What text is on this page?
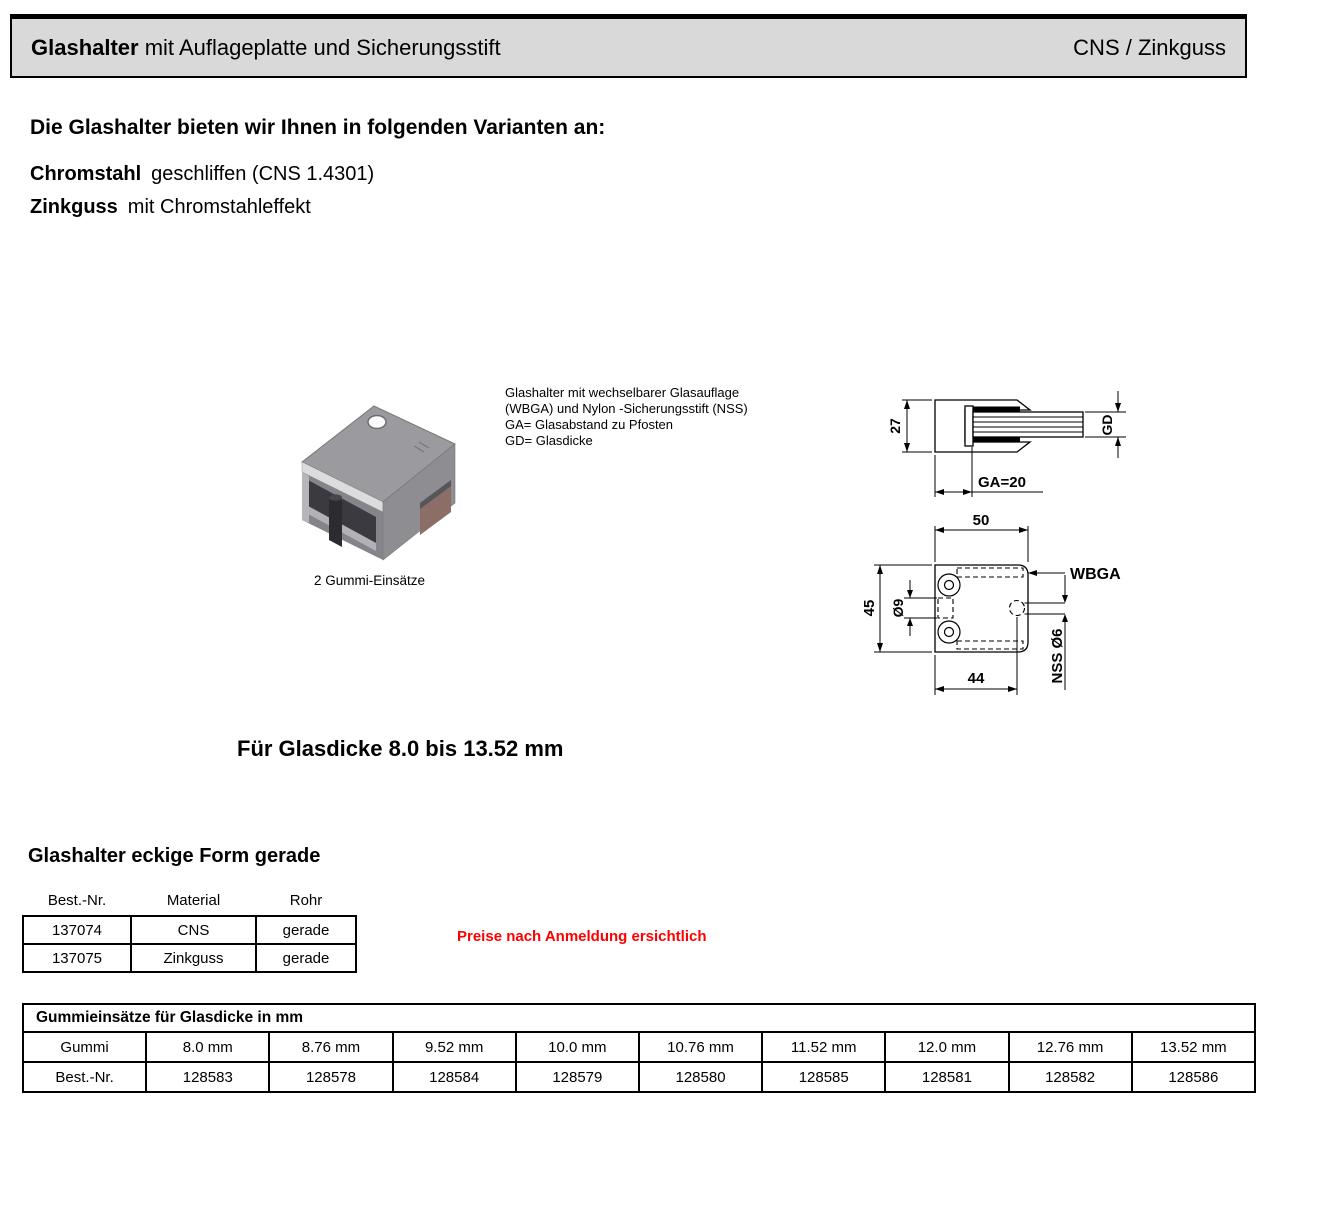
Glashalter mit Auflageplatte und Sicherungsstift	CNS / Zinkguss
Die Glashalter bieten wir Ihnen in folgenden Varianten an:
Chromstahl geschliffen (CNS 1.4301)
Zinkguss mit Chromstahleffekt
2 Gummi-Einsätze
Glashalter mit wechselbarer Glasauflage
(WBGA) und Nylon -Sicherungsstift (NSS)
GA= Glasabstand zu Pfosten
GD= Glasdicke
27	GD
GA=20
50
45 Ø9
WBGA
NSS Ø6
44
Für Glasdicke 8.0 bis 13.52 mm
Glashalter eckige Form gerade
Best.-Nr.	Material	Rohr
137074	CNS	gerade
137075	Zinkguss	gerade
Preise nach Anmeldung ersichtlich
Gummieinsätze für Glasdicke in mm									
Gummi	8.0 mm	8.76 mm	9.52 mm	10.0 mm	10.76 mm	11.52 mm	12.0 mm	12.76 mm	13.52 mm
Best.-Nr.	128583	128578	128584	128579	128580	128585	128581	128582	128586
